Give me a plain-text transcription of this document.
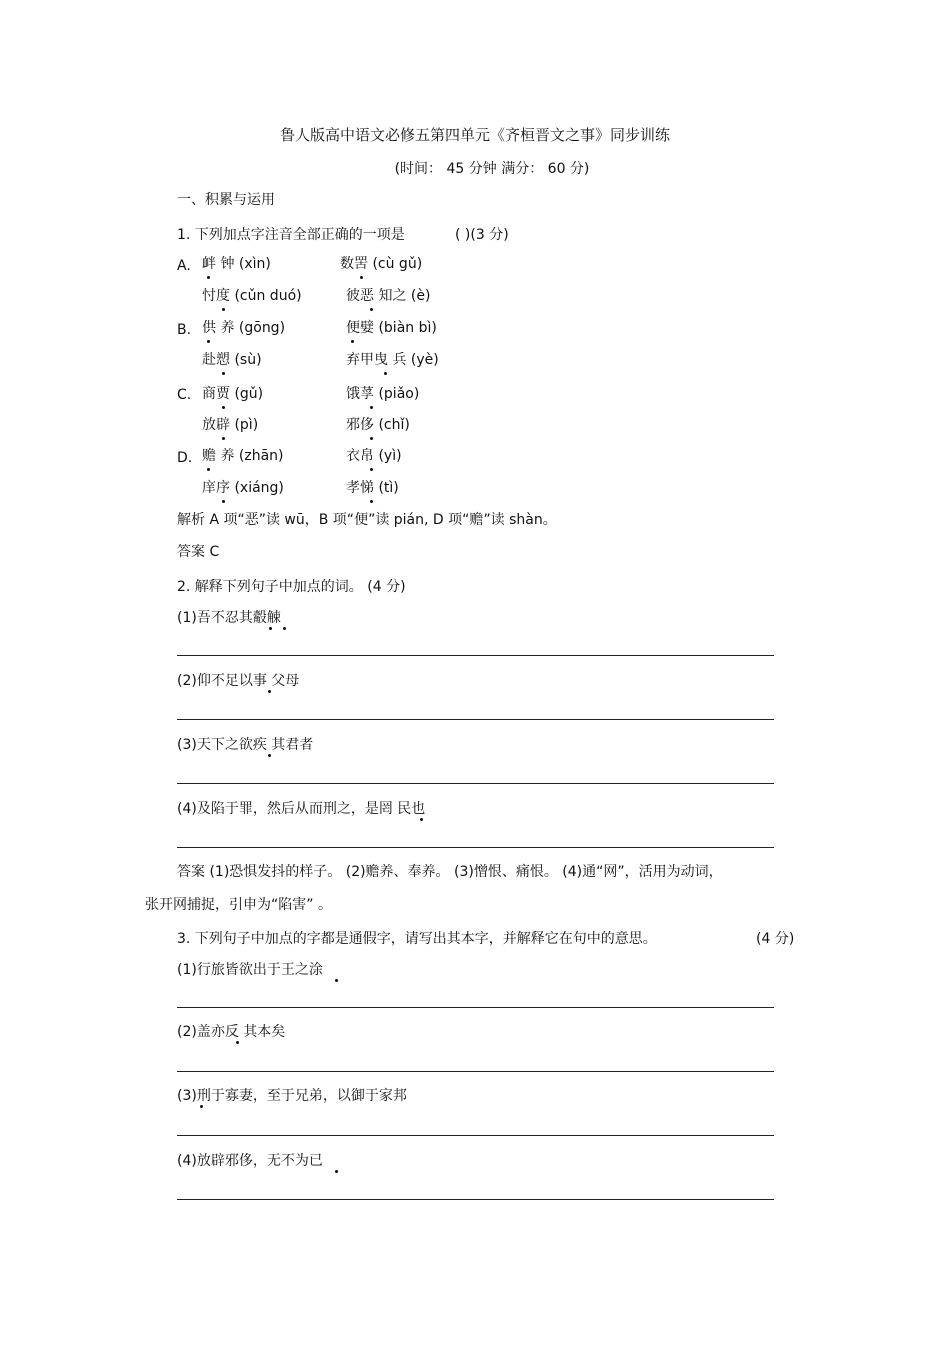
鲁人版高中语文必修五第四单元《齐桓晋文之事》同步训练
(时间： 45 分钟 满分： 60 分)
一、积累与运用
1. 下列加点字注音全部正确的一项是	( )(3 分)
A. 衅 钟 (xìn)	数罟 (cù gǔ)
忖度 (cǔn duó)	彼恶 知之 (è)
B. 供 养 (gōng)	便嬖 (biàn bì)
赴愬 (sù)	弃甲曳 兵 (yè)
C. 商贾 (gǔ)	饿莩 (piǎo)
放辟 (pì)	邪侈 (chǐ)
D. 赡 养 (zhān)	衣帛 (yì)
庠序 (xiáng)	孝悌 (tì)
解析 A 项“恶”读 wū，B 项“便”读 pián, D 项“赡”读 shàn。
答案 C
2. 解释下列句子中加点的词。 (4 分)
(1)吾不忍其觳觫
(2)仰不足以事 父母
(3)天下之欲疾 其君者
(4)及陷于罪，然后从而刑之，是罔 民也
答案 (1)恐惧发抖的样子。 (2)赡养、奉养。 (3)憎恨、痛恨。 (4)通“网”，活用为动词，
张开网捕捉，引申为“陷害” 。
3. 下列句子中加点的字都是通假字，请写出其本字，并解释它在句中的意思。	(4 分)
(1)行旅皆欲出于王之涂
(2)盖亦反 其本矣
(3)刑于寡妻，至于兄弟，以御于家邦
(4)放辟邪侈，无不为已
